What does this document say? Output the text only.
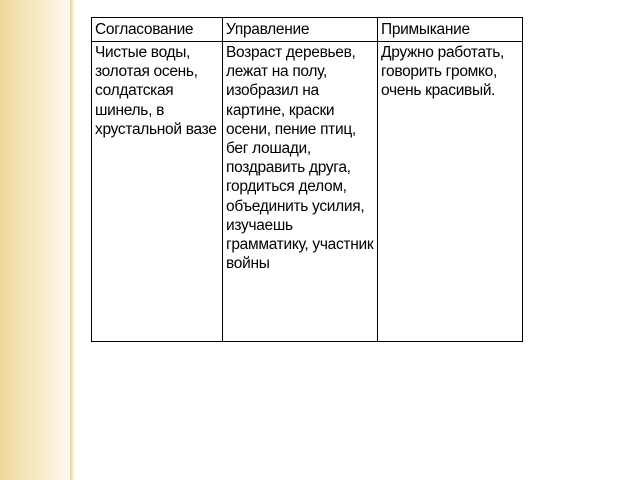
Согласование	Управление	Примыкание
Чистые воды, золотая осень, солдатская шинель, в хрустальной вазе	Возраст деревьев, лежат на полу, изобразил на картине, краски осени, пение птиц, бег лошади, поздравить друга, гордиться делом, объединить усилия, изучаешь грамматику, участник войны	Дружно работать, говорить громко, очень красивый.
